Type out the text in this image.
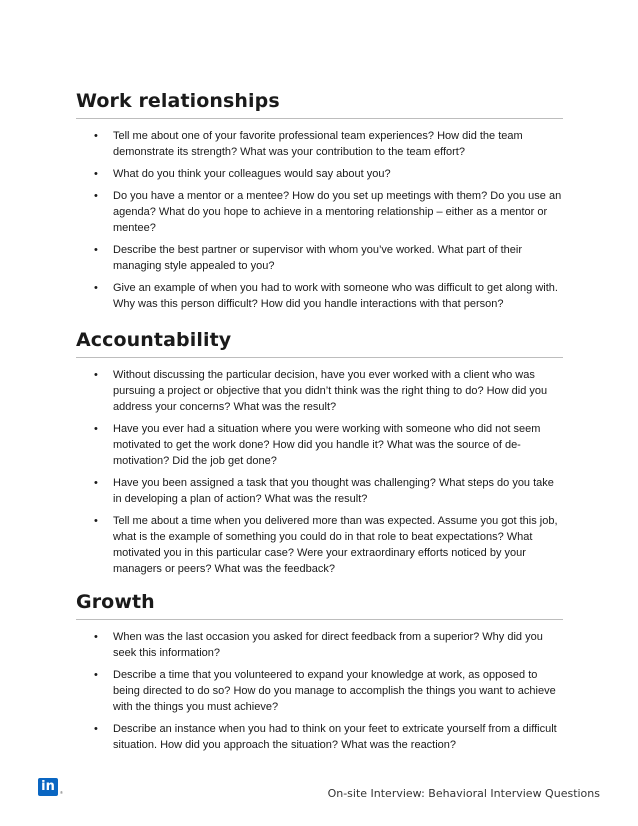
Work relationships
• Tell me about one of your favorite professional team experiences? How did the team demonstrate its strength? What was your contribution to the team effort?
• What do you think your colleagues would say about you?
• Do you have a mentor or a mentee? How do you set up meetings with them? Do you use an agenda? What do you hope to achieve in a mentoring relationship – either as a mentor or mentee?
• Describe the best partner or supervisor with whom you’ve worked. What part of their managing style appealed to you?
• Give an example of when you had to work with someone who was difficult to get along with. Why was this person difficult? How did you handle interactions with that person?
Accountability
• Without discussing the particular decision, have you ever worked with a client who was pursuing a project or objective that you didn’t think was the right thing to do? How did you address your concerns? What was the result?
• Have you ever had a situation where you were working with someone who did not seem motivated to get the work done? How did you handle it? What was the source of de-motivation? Did the job get done?
• Have you been assigned a task that you thought was challenging? What steps do you take in developing a plan of action? What was the result?
• Tell me about a time when you delivered more than was expected. Assume you got this job, what is the example of something you could do in that role to beat expectations? What motivated you in this particular case? Were your extraordinary efforts noticed by your managers or peers? What was the feedback?
Growth
• When was the last occasion you asked for direct feedback from a superior? Why did you seek this information?
• Describe a time that you volunteered to expand your knowledge at work, as opposed to being directed to do so? How do you manage to accomplish the things you want to achieve with the things you must achieve?
• Describe an instance when you had to think on your feet to extricate yourself from a difficult situation. How did you approach the situation? What was the reaction?
in	®	On-site Interview: Behavioral Interview Questions
